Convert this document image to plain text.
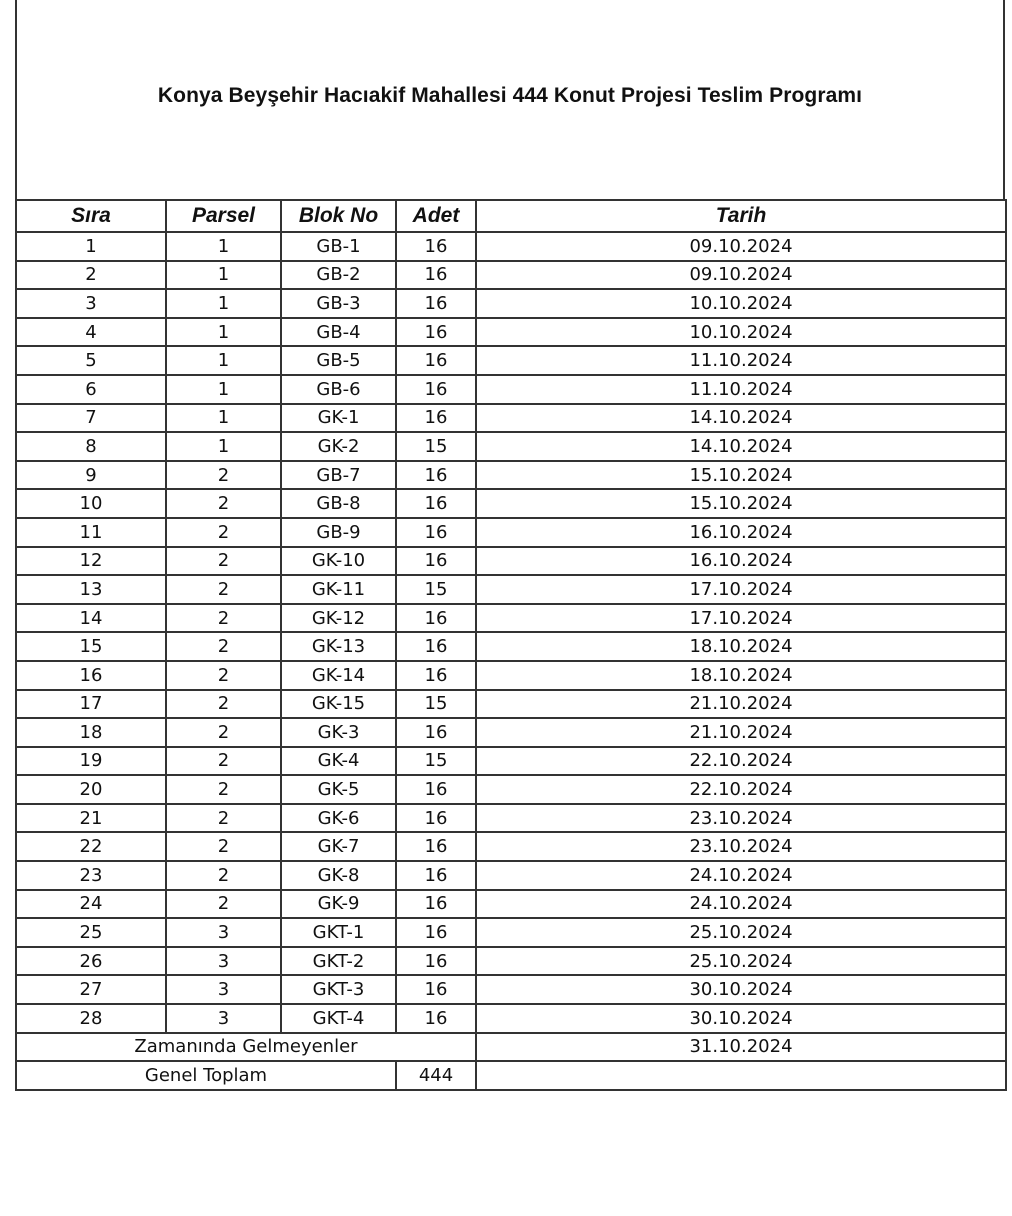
Konya Beyşehir Hacıakif Mahallesi 444 Konut Projesi Teslim Programı
Sıra	Parsel	Blok No	Adet	Tarih
1	1	GB-1	16	09.10.2024
2	1	GB-2	16	09.10.2024
3	1	GB-3	16	10.10.2024
4	1	GB-4	16	10.10.2024
5	1	GB-5	16	11.10.2024
6	1	GB-6	16	11.10.2024
7	1	GK-1	16	14.10.2024
8	1	GK-2	15	14.10.2024
9	2	GB-7	16	15.10.2024
10	2	GB-8	16	15.10.2024
11	2	GB-9	16	16.10.2024
12	2	GK-10	16	16.10.2024
13	2	GK-11	15	17.10.2024
14	2	GK-12	16	17.10.2024
15	2	GK-13	16	18.10.2024
16	2	GK-14	16	18.10.2024
17	2	GK-15	15	21.10.2024
18	2	GK-3	16	21.10.2024
19	2	GK-4	15	22.10.2024
20	2	GK-5	16	22.10.2024
21	2	GK-6	16	23.10.2024
22	2	GK-7	16	23.10.2024
23	2	GK-8	16	24.10.2024
24	2	GK-9	16	24.10.2024
25	3	GKT-1	16	25.10.2024
26	3	GKT-2	16	25.10.2024
27	3	GKT-3	16	30.10.2024
28	3	GKT-4	16	30.10.2024
Zamanında Gelmeyenler				31.10.2024
Genel Toplam			444	
